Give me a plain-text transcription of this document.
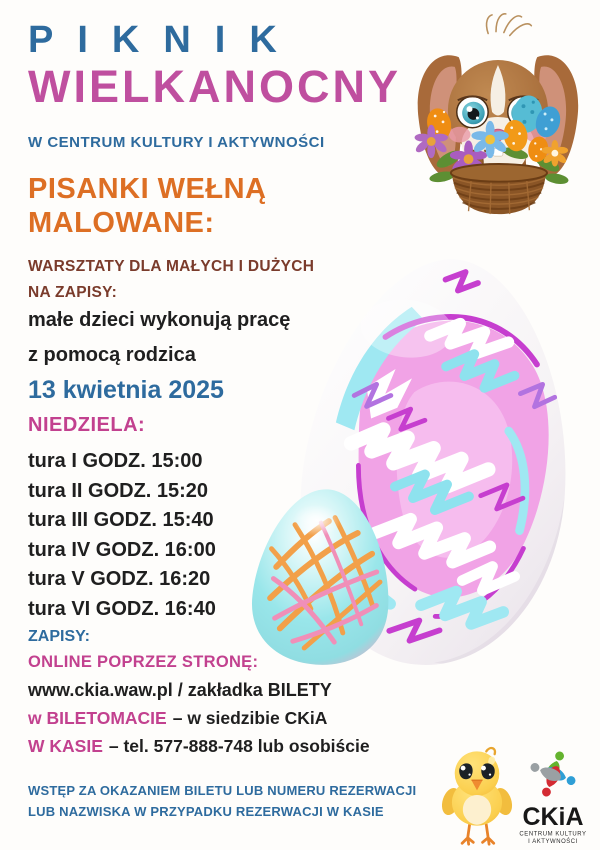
PIKNIK
WIELKANOCNY
W CENTRUM KULTURY I AKTYWNOŚCI
PISANKI WEŁNĄ
MALOWANE:
WARSZTATY DLA MAŁYCH I DUŻYCH
NA ZAPISY:
małe dzieci wykonują pracę
z pomocą rodzica
13 kwietnia 2025
NIEDZIELA:
tura I GODZ. 15:00
tura II GODZ. 15:20
tura III GODZ. 15:40
tura IV GODZ. 16:00
tura V GODZ. 16:20
tura VI GODZ. 16:40
ZAPISY:
ONLINE POPRZEZ STRONĘ:
www.ckia.waw.pl / zakładka BILETY
w BILETOMACIE – w siedzibie CKiA
W KASIE – tel. 577-888-748 lub osobiście
WSTĘP ZA OKAZANIEM BILETU LUB NUMERU REZERWACJI
LUB NAZWISKA W PRZYPADKU REZERWACJI W KASIE	CKiA
CENTRUM KULTURY
I AKTYWNOŚCI
